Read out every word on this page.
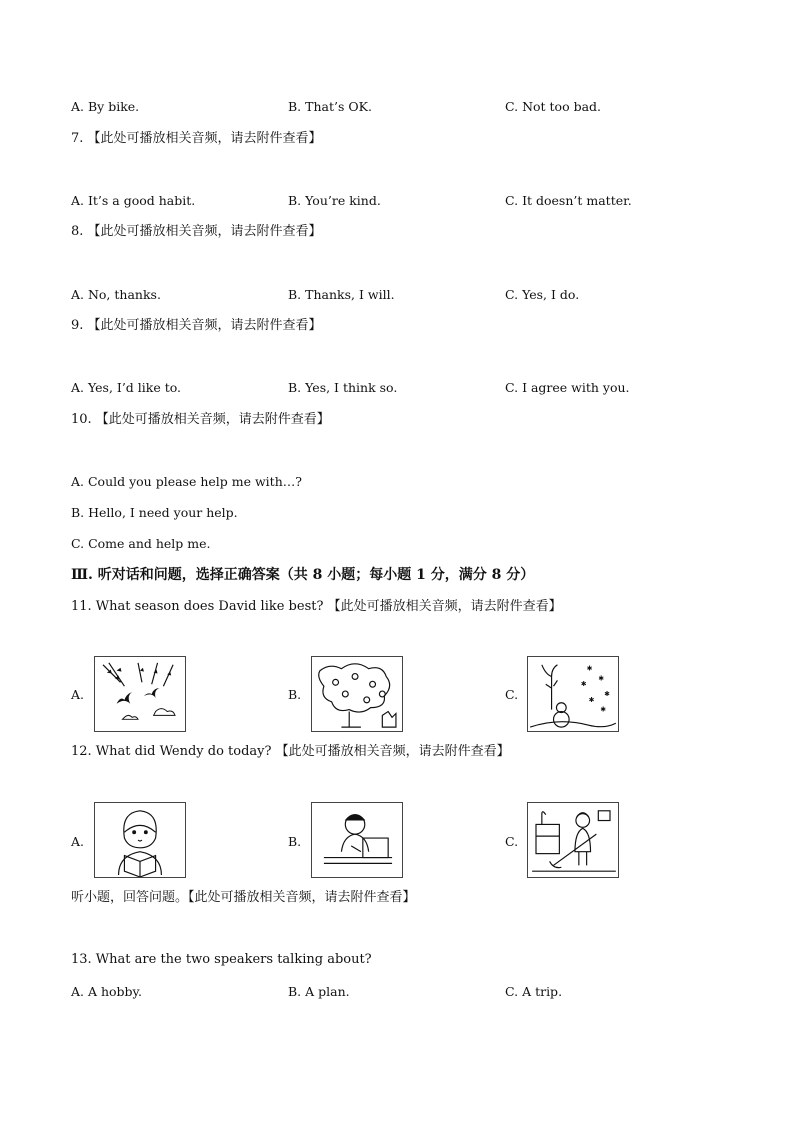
A. By bike.	B. That’s OK.	C. Not too bad.
7. 【此处可播放相关音频，请去附件查看】
A. It’s a good habit.	B. You’re kind.	C. It doesn’t matter.
8. 【此处可播放相关音频，请去附件查看】
A. No, thanks.	B. Thanks, I will.	C. Yes, I do.
9. 【此处可播放相关音频，请去附件查看】
A. Yes, I’d like to.	B. Yes, I think so.	C. I agree with you.
10. 【此处可播放相关音频，请去附件查看】
A. Could you please help me with…?
B. Hello, I need your help.
C. Come and help me.
Ⅲ. 听对话和问题，选择正确答案（共 8 小题；每小题 1 分，满分 8 分）
11. What season does David like best? 【此处可播放相关音频，请去附件查看】
A.	B.	C.
✱
✱
✱
✱
✱
✱
12. What did Wendy do today? 【此处可播放相关音频，请去附件查看】
A.	B.	C.
听小题，回答问题。【此处可播放相关音频，请去附件查看】
13. What are the two speakers talking about?
A. A hobby.	B. A plan.	C. A trip.
